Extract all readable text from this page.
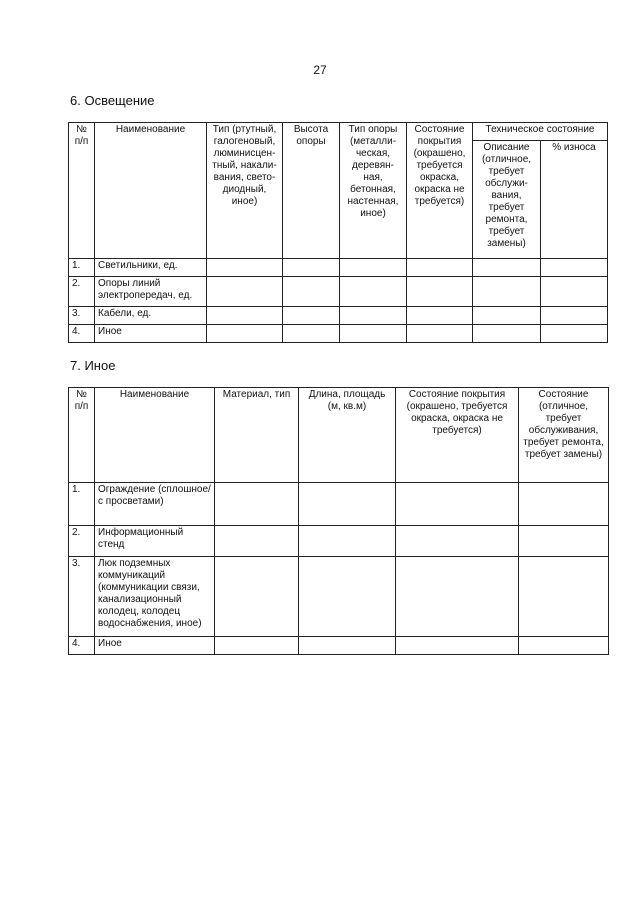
27
6. Освещение
№ п/п	Наименование	Тип (ртутный, галогеновый, люминисцен-тный, накали-вания, свето-диодный, иное)	Высота опоры	Тип опоры (металли-ческая, деревян-ная, бетонная, настенная, иное)	Состояние покрытия (окрашено, требуется окраска, окраска не требуется)	Техническое состояние	
						Описание (отличное, требует обслужи-вания, требует ремонта, требует замены)	% износа
1.	Светильники, ед.						
2.	Опоры линий электропередач, ед.						
3.	Кабели, ед.						
4.	Иное						
7. Иное
№ п/п	Наименование	Материал, тип	Длина, площадь (м, кв.м)	Состояние покрытия (окрашено, требуется окраска, окраска не требуется)	Состояние (отличное, требует обслуживания, требует ремонта, требует замены)
1.	Ограждение (сплошное/ с просветами)				
2.	Информационный стенд				
3.	Люк подземных коммуникаций (коммуникации связи, канализационный колодец, колодец водоснабжения, иное)				
4.	Иное				
